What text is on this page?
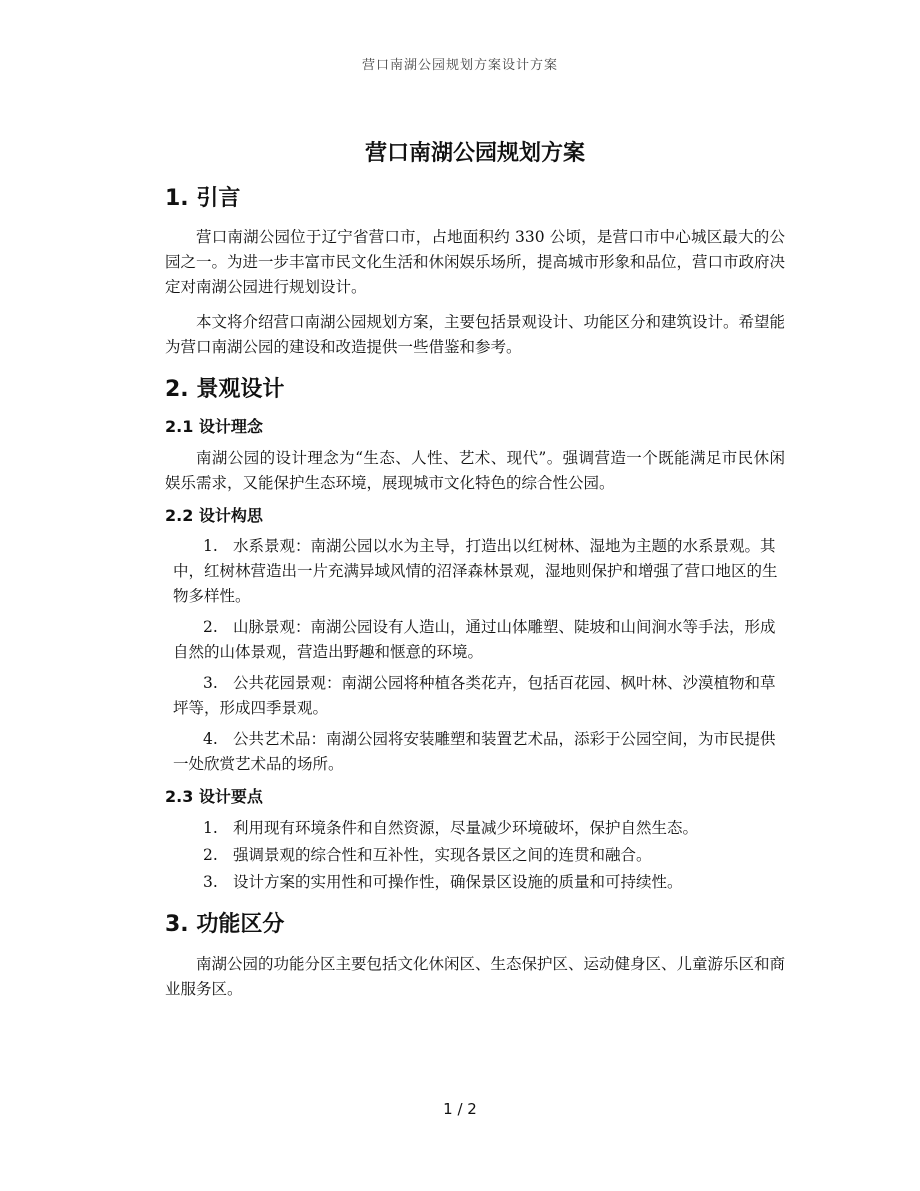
营口南湖公园规划方案设计方案
营口南湖公园规划方案
1. 引言

营口南湖公园位于辽宁省营口市，占地面积约 330 公顷，是营口市中心城区最大的公园之一。为进一步丰富市民文化生活和休闲娱乐场所，提高城市形象和品位，营口市政府决定对南湖公园进行规划设计。

本文将介绍营口南湖公园规划方案，主要包括景观设计、功能区分和建筑设计。希望能为营口南湖公园的建设和改造提供一些借鉴和参考。

2. 景观设计
2.1 设计理念

南湖公园的设计理念为“生态、人性、艺术、现代”。强调营造一个既能满足市民休闲娱乐需求，又能保护生态环境，展现城市文化特色的综合性公园。

2.2 设计构思
1. 水系景观：南湖公园以水为主导，打造出以红树林、湿地为主题的水系景观。其中，红树林营造出一片充满异域风情的沼泽森林景观，湿地则保护和增强了营口地区的生物多样性。
2. 山脉景观：南湖公园设有人造山，通过山体雕塑、陡坡和山间涧水等手法，形成自然的山体景观，营造出野趣和惬意的环境。
3. 公共花园景观：南湖公园将种植各类花卉，包括百花园、枫叶林、沙漠植物和草坪等，形成四季景观。
4. 公共艺术品：南湖公园将安装雕塑和装置艺术品，添彩于公园空间，为市民提供一处欣赏艺术品的场所。
2.3 设计要点
1. 利用现有环境条件和自然资源，尽量减少环境破坏，保护自然生态。
2. 强调景观的综合性和互补性，实现各景区之间的连贯和融合。
3. 设计方案的实用性和可操作性，确保景区设施的质量和可持续性。
3. 功能区分

南湖公园的功能分区主要包括文化休闲区、生态保护区、运动健身区、儿童游乐区和商业服务区。

1 / 2
